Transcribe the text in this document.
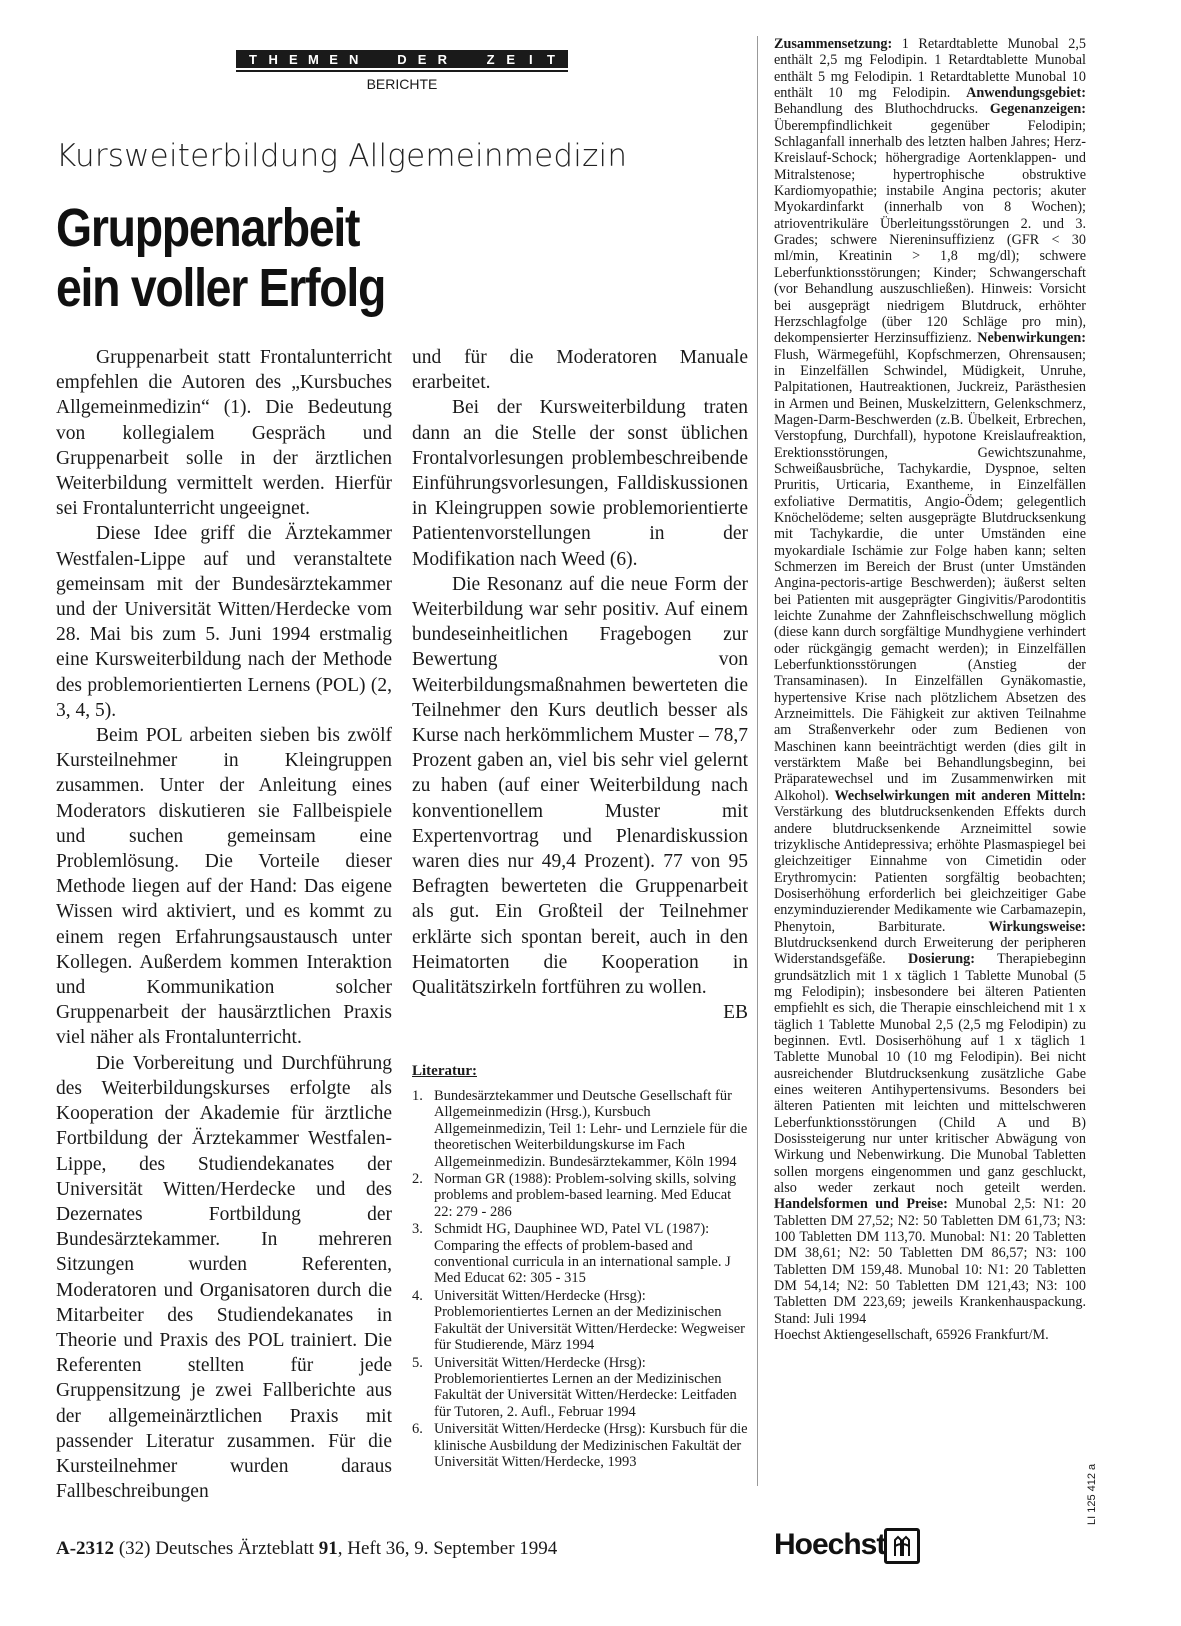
T H E M E N	D E R	Z E	I	T
BERICHTE
Kursweiterbildung Allgemeinmedizin
Gruppenarbeit
ein voller Erfolg

Gruppenarbeit statt Frontalunterricht empfehlen die Autoren des „Kursbuches Allgemeinmedizin“ (1). Die Bedeutung von kollegialem Gespräch und Gruppenarbeit solle in der ärztlichen Weiterbildung vermittelt werden. Hierfür sei Frontalunterricht ungeeignet.

Diese Idee griff die Ärztekammer Westfalen-Lippe auf und veranstaltete gemeinsam mit der Bundesärztekammer und der Universität Witten/Herdecke vom 28. Mai bis zum 5. Juni 1994 erstmalig eine Kursweiterbildung nach der Methode des problemorientierten Lernens (POL) (2, 3, 4, 5).

Beim POL arbeiten sieben bis zwölf Kursteilnehmer in Kleingruppen zusammen. Unter der Anleitung eines Moderators diskutieren sie Fallbeispiele und suchen gemeinsam eine Problemlösung. Die Vorteile dieser Methode liegen auf der Hand: Das eigene Wissen wird aktiviert, und es kommt zu einem regen Erfahrungsaustausch unter Kollegen. Außerdem kommen Interaktion und Kommunikation solcher Gruppenarbeit der hausärztlichen Praxis viel näher als Frontalunterricht.

Die Vorbereitung und Durchführung des Weiterbildungskurses erfolgte als Kooperation der Akademie für ärztliche Fortbildung der Ärztekammer Westfalen-Lippe, des Studiendekanates der Universität Witten/Herdecke und des Dezernates Fortbildung der Bundesärztekammer. In mehreren Sitzungen wurden Referenten, Moderatoren und Organisatoren durch die Mitarbeiter des Studiendekanates in Theorie und Praxis des POL trainiert. Die Referenten stellten für jede Gruppensitzung je zwei Fallberichte aus der allgemeinärztlichen Praxis mit passender Literatur zusammen. Für die Kursteilnehmer wurden daraus Fallbeschreibungen

und für die Moderatoren Manuale erarbeitet.

Bei der Kursweiterbildung traten dann an die Stelle der sonst üblichen Frontalvorlesungen problembeschreibende Einführungsvorlesungen, Falldiskussionen in Kleingruppen sowie problemorientierte Patientenvorstellungen in der Modifikation nach Weed (6).

Die Resonanz auf die neue Form der Weiterbildung war sehr positiv. Auf einem bundeseinheitlichen Fragebogen zur Bewertung von Weiterbildungsmaßnahmen bewerteten die Teilnehmer den Kurs deutlich besser als Kurse nach herkömmlichem Muster – 78,7 Prozent gaben an, viel bis sehr viel gelernt zu haben (auf einer Weiterbildung nach konventionellem Muster mit Expertenvortrag und Plenardiskussion waren dies nur 49,4 Prozent). 77 von 95 Befragten bewerteten die Gruppenarbeit als gut. Ein Großteil der Teilnehmer erklärte sich spontan bereit, auch in den Heimatorten die Kooperation in Qualitätszirkeln fortführen zu wollen.

EB
Literatur:
1. Bundesärztekammer und Deutsche Gesellschaft für Allgemeinmedizin (Hrsg.), Kursbuch Allgemeinmedizin, Teil 1: Lehr- und Lernziele für die theoretischen Weiterbildungskurse im Fach Allgemeinmedizin. Bundesärztekammer, Köln 1994
2. Norman GR (1988): Problem-solving skills, solving problems and problem-based learning. Med Educat 22: 279 - 286
3. Schmidt HG, Dauphinee WD, Patel VL (1987): Comparing the effects of problem-based and conventional curricula in an international sample. J Med Educat 62: 305 - 315
4. Universität Witten/Herdecke (Hrsg): Problemorientiertes Lernen an der Medizinischen Fakultät der Universität Witten/Herdecke: Wegweiser für Studierende, März 1994
5. Universität Witten/Herdecke (Hrsg): Problemorientiertes Lernen an der Medizinischen Fakultät der Universität Witten/Herdecke: Leitfaden für Tutoren, 2. Aufl., Februar 1994
6. Universität Witten/Herdecke (Hrsg): Kursbuch für die klinische Ausbildung der Medizinischen Fakultät der Universität Witten/Herdecke, 1993

Zusammensetzung: 1 Retardtablette Munobal 2,5 enthält 2,5 mg Felodipin. 1 Retardtablette Munobal enthält 5 mg Felodipin. 1 Retardtablette Munobal 10 enthält 10 mg Felodipin. Anwendungsgebiet: Behandlung des Bluthochdrucks. Gegenanzeigen: Überempfindlichkeit gegenüber Felodipin; Schlaganfall innerhalb des letzten halben Jahres; Herz-Kreislauf-Schock; höhergradige Aortenklappen- und Mitralstenose; hypertrophische obstruktive Kardiomyopathie; instabile Angina pectoris; akuter Myokardinfarkt (innerhalb von 8 Wochen); atrioventrikuläre Überleitungsstörungen 2. und 3. Grades; schwere Niereninsuffizienz (GFR < 30 ml/min, Kreatinin > 1,8 mg/dl); schwere Leberfunktionsstörungen; Kinder; Schwangerschaft (vor Behandlung auszuschließen). Hinweis: Vorsicht bei ausgeprägt niedrigem Blutdruck, erhöhter Herzschlagfolge (über 120 Schläge pro min), dekompensierter Herzinsuffizienz. Nebenwirkungen: Flush, Wärmegefühl, Kopfschmerzen, Ohrensausen; in Einzelfällen Schwindel, Müdigkeit, Unruhe, Palpitationen, Hautreaktionen, Juckreiz, Parästhesien in Armen und Beinen, Muskelzittern, Gelenkschmerz, Magen-Darm-Beschwerden (z.B. Übelkeit, Erbrechen, Verstopfung, Durchfall), hypotone Kreislaufreaktion, Erektionsstörungen, Gewichtszunahme, Schweißausbrüche, Tachykardie, Dyspnoe, selten Pruritis, Urticaria, Exantheme, in Einzelfällen exfoliative Dermatitis, Angio-Ödem; gelegentlich Knöchelödeme; selten ausgeprägte Blutdrucksenkung mit Tachykardie, die unter Umständen eine myokardiale Ischämie zur Folge haben kann; selten Schmerzen im Bereich der Brust (unter Umständen Angina-pectoris-artige Beschwerden); äußerst selten bei Patienten mit ausgeprägter Gingivitis/Parodontitis leichte Zunahme der Zahnfleischschwellung möglich (diese kann durch sorgfältige Mundhygiene verhindert oder rückgängig gemacht werden); in Einzelfällen Leberfunktionsstörungen (Anstieg der Transaminasen). In Einzelfällen Gynäkomastie, hypertensive Krise nach plötzlichem Absetzen des Arzneimittels. Die Fähigkeit zur aktiven Teilnahme am Straßenverkehr oder zum Bedienen von Maschinen kann beeinträchtigt werden (dies gilt in verstärktem Maße bei Behandlungsbeginn, bei Präparatewechsel und im Zusammenwirken mit Alkohol). Wechselwirkungen mit anderen Mitteln: Verstärkung des blutdrucksenkenden Effekts durch andere blutdrucksenkende Arzneimittel sowie trizyklische Antidepressiva; erhöhte Plasmaspiegel bei gleichzeitiger Einnahme von Cimetidin oder Erythromycin: Patienten sorgfältig beobachten; Dosiserhöhung erforderlich bei gleichzeitiger Gabe enzyminduzierender Medikamente wie Carbamazepin, Phenytoin, Barbiturate. Wirkungsweise: Blutdrucksenkend durch Erweiterung der peripheren Widerstandsgefäße. Dosierung: Therapiebeginn grundsätzlich mit 1 x täglich 1 Tablette Munobal (5 mg Felodipin); insbesondere bei älteren Patienten empfiehlt es sich, die Therapie einschleichend mit 1 x täglich 1 Tablette Munobal 2,5 (2,5 mg Felodipin) zu beginnen. Evtl. Dosiserhöhung auf 1 x täglich 1 Tablette Munobal 10 (10 mg Felodipin). Bei nicht ausreichender Blutdrucksenkung zusätzliche Gabe eines weiteren Antihypertensivums. Besonders bei älteren Patienten mit leichten und mittelschweren Leberfunktionsstörungen (Child A und B) Dosissteigerung nur unter kritischer Abwägung von Wirkung und Nebenwirkung. Die Munobal Tabletten sollen morgens eingenommen und ganz geschluckt, also weder zerkaut noch geteilt werden. Handelsformen und Preise: Munobal 2,5: N1: 20 Tabletten DM 27,52; N2: 50 Tabletten DM 61,73; N3: 100 Tabletten DM 113,70. Munobal: N1: 20 Tabletten DM 38,61; N2: 50 Tabletten DM 86,57; N3: 100 Tabletten DM 159,48. Munobal 10: N1: 20 Tabletten DM 54,14; N2: 50 Tabletten DM 121,43; N3: 100 Tabletten DM 223,69; jeweils Krankenhauspackung. Stand: Juli 1994
Hoechst Aktiengesellschaft, 65926 Frankfurt/M.

A-2312 (32) Deutsches Ärzteblatt 91, Heft 36, 9. September 1994	Hoechst
LI 125 412 a
